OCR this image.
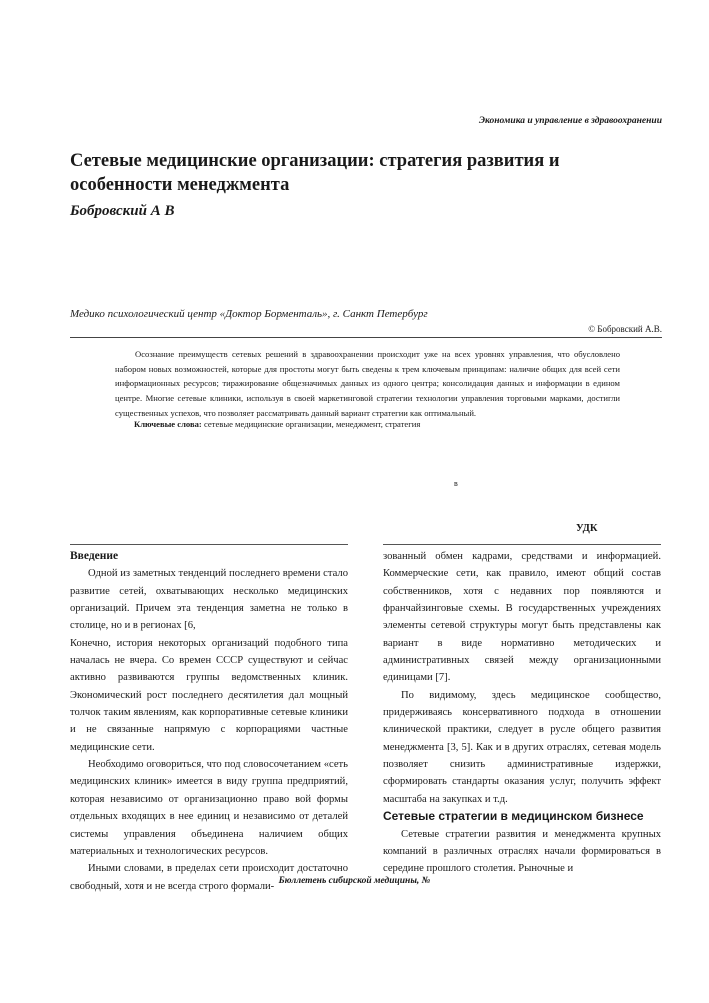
Экономика и управление в здравоохранении
Сетевые медицинские организации: стратегия развития и особенности менеджмента
Бобровский А В
Медико психологический центр «Доктор Борменталь», г. Санкт Петербург
© Бобровский А.В.

Осознание преимуществ сетевых решений в здравоохранении происходит уже на всех уровнях управления, что обусловлено набором новых возможностей, которые для простоты могут быть сведены к трем ключевым принципам: наличие общих для всей сети информационных ресурсов; тиражирование общезначимых данных из одного центра; консолидация данных и информации в едином центре. Многие сетевые клиники, используя в своей маркетинговой стратегии технологии управления торговыми марками, достигли существенных успехов, что позволяет рассматривать данный вариант стратегии как оптимальный.

Ключевые слова: сетевые медицинские организации, менеджмент, стратегия
в
УДК

Введение

Одной из заметных тенденций последнего времени стало развитие сетей, охватывающих несколько медицинских организаций. Причем эта тенденция заметна не только в столице, но и в регионах [6,

Конечно, история некоторых организаций подобного типа началась не вчера. Со времен СССР существуют и сейчас активно развиваются группы ведомственных клиник. Экономический рост последнего десятилетия дал мощный толчок таким явлениям, как корпоративные сетевые клиники и не связанные напрямую с корпорациями частные медицинские сети.

Необходимо оговориться, что под словосочетанием «сеть медицинских клиник» имеется в виду группа предприятий, которая независимо от организационно право вой формы отдельных входящих в нее единиц и независимо от деталей системы управления объединена наличием общих материальных и технологических ресурсов.

Иными словами, в пределах сети происходит достаточно свободный, хотя и не всегда строго формали-

зованный обмен кадрами, средствами и информацией. Коммерческие сети, как правило, имеют общий состав собственников, хотя с недавних пор появляются и франчайзинговые схемы. В государственных учреждениях элементы сетевой структуры могут быть представлены как вариант в виде нормативно методических и административных связей между организационными единицами [7].

По видимому, здесь медицинское сообщество, придерживаясь консервативного подхода в отношении клинической практики, следует в русле общего развития менеджмента [3, 5]. Как и в других отраслях, сетевая модель позволяет снизить административные издержки, сформировать стандарты оказания услуг, получить эффект масштаба на закупках и т.д.

Сетевые стратегии в медицинском бизнесе

Сетевые стратегии развития и менеджмента крупных компаний в различных отраслях начали формироваться в середине прошлого столетия. Рыночные и

Бюллетень сибирской медицины, №
